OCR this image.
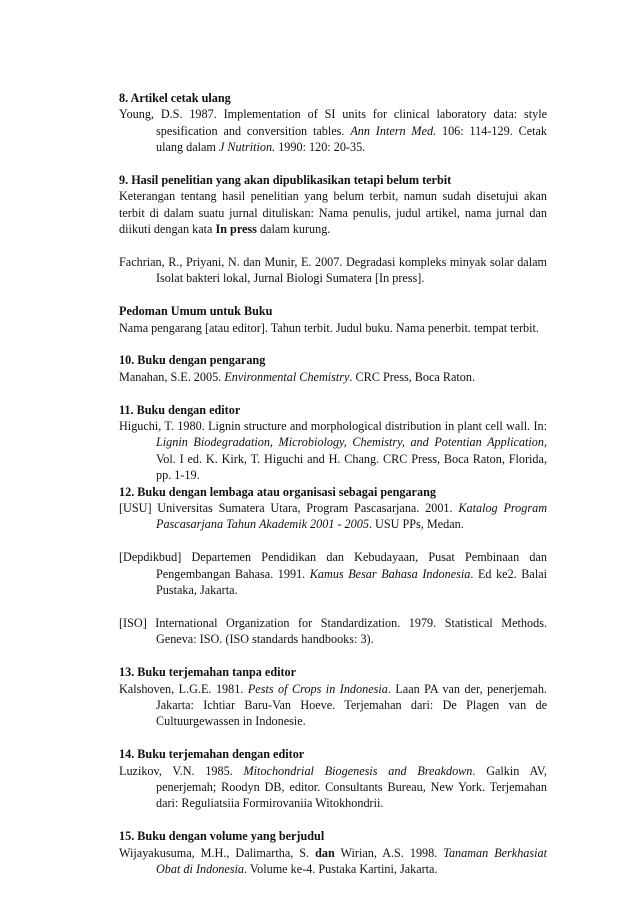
8. Artikel cetak ulang
Young, D.S. 1987. Implementation of SI units for clinical laboratory data: style spesification and conversition tables. Ann Intern Med. 106: 114-129. Cetak ulang dalam J Nutrition. 1990: 120: 20-35.
9. Hasil penelitian yang akan dipublikasikan tetapi belum terbit
Keterangan tentang hasil penelitian yang belum terbit, namun sudah disetujui akan terbit di dalam suatu jurnal dituliskan: Nama penulis, judul artikel, nama jurnal dan diikuti dengan kata In press dalam kurung.
Fachrian, R., Priyani, N. dan Munir, E. 2007. Degradasi kompleks minyak solar dalam Isolat bakteri lokal, Jurnal Biologi Sumatera [In press].
Pedoman Umum untuk Buku
Nama pengarang [atau editor]. Tahun terbit. Judul buku. Nama penerbit. tempat terbit.
10. Buku dengan pengarang
Manahan, S.E. 2005. Environmental Chemistry. CRC Press, Boca Raton.
11. Buku dengan editor
Higuchi, T. 1980. Lignin structure and morphological distribution in plant cell wall. In: Lignin Biodegradation, Microbiology, Chemistry, and Potentian Application, Vol. I ed. K. Kirk, T. Higuchi and H. Chang. CRC Press, Boca Raton, Florida, pp. 1-19.
12. Buku dengan lembaga atau organisasi sebagai pengarang
[USU] Universitas Sumatera Utara, Program Pascasarjana. 2001. Katalog Program Pascasarjana Tahun Akademik 2001 - 2005. USU PPs, Medan.
[Depdikbud] Departemen Pendidikan dan Kebudayaan, Pusat Pembinaan dan Pengembangan Bahasa. 1991. Kamus Besar Bahasa Indonesia. Ed ke2. Balai Pustaka, Jakarta.
[ISO] International Organization for Standardization. 1979. Statistical Methods. Geneva: ISO. (ISO standards handbooks: 3).
13. Buku terjemahan tanpa editor
Kalshoven, L.G.E. 1981. Pests of Crops in Indonesia. Laan PA van der, penerjemah. Jakarta: Ichtiar Baru-Van Hoeve. Terjemahan dari: De Plagen van de Cultuurgewassen in Indonesie.
14. Buku terjemahan dengan editor
Luzikov, V.N. 1985. Mitochondrial Biogenesis and Breakdown. Galkin AV, penerjemah; Roodyn DB, editor. Consultants Bureau, New York. Terjemahan dari: Reguliatsiia Formirovaniia Witokhondrii.
15. Buku dengan volume yang berjudul
Wijayakusuma, M.H., Dalimartha, S. dan Wirian, A.S. 1998. Tanaman Berkhasiat Obat di Indonesia. Volume ke-4. Pustaka Kartini, Jakarta.
